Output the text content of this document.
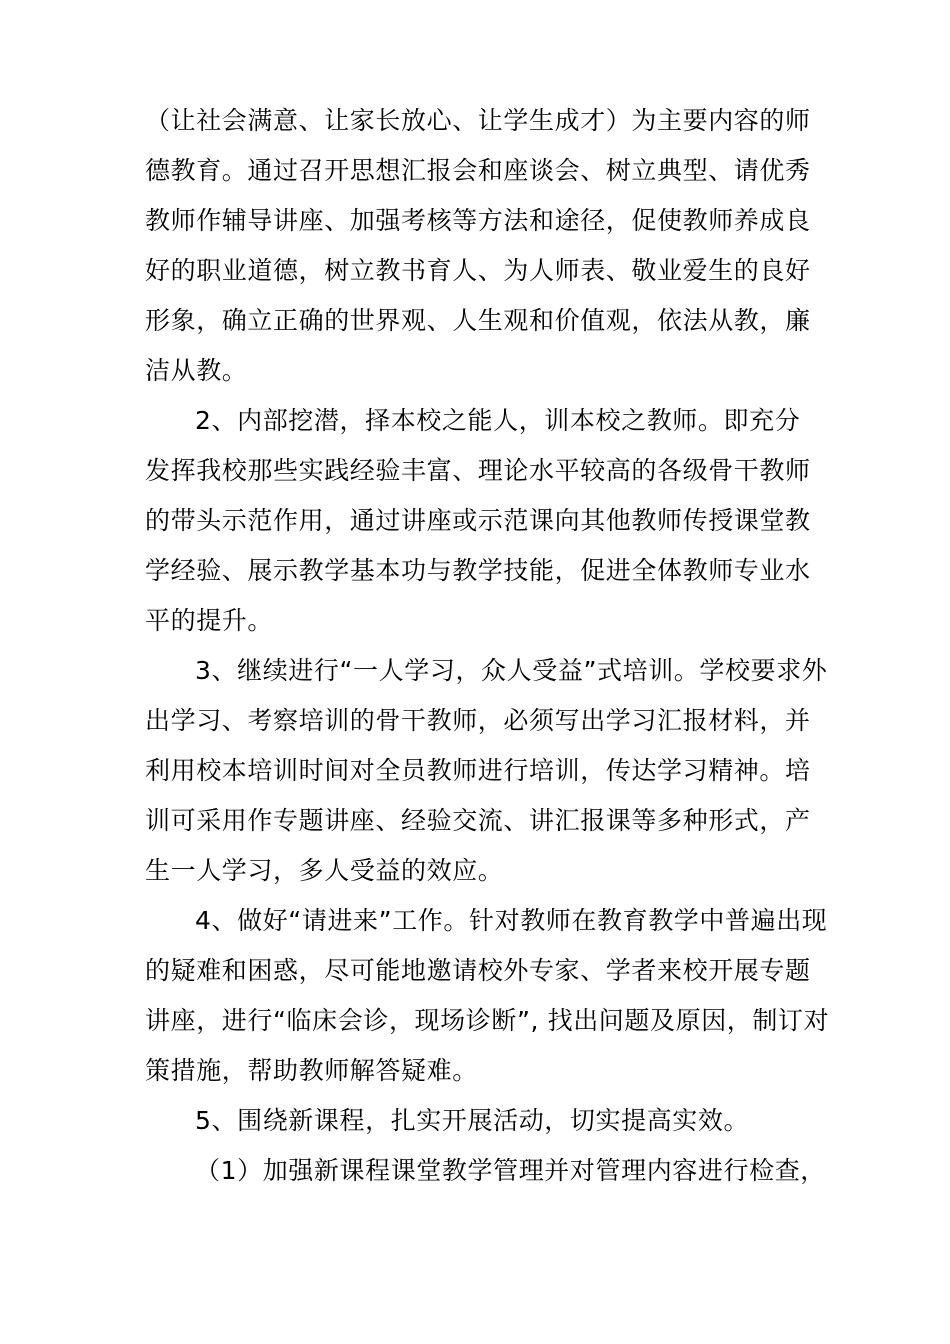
（让社会满意、让家长放心、让学生成才）为主要内容的师
德教育。通过召开思想汇报会和座谈会、树立典型、请优秀
教师作辅导讲座、加强考核等方法和途径，促使教师养成良
好的职业道德，树立教书育人、为人师表、敬业爱生的良好
形象，确立正确的世界观、人生观和价值观，依法从教，廉
洁从教。
2、内部挖潜，择本校之能人，训本校之教师。即充分
发挥我校那些实践经验丰富、理论水平较高的各级骨干教师
的带头示范作用，通过讲座或示范课向其他教师传授课堂教
学经验、展示教学基本功与教学技能，促进全体教师专业水
平的提升。
3、继续进行“一人学习，众人受益”式培训。学校要求外
出学习、考察培训的骨干教师，必须写出学习汇报材料，并
利用校本培训时间对全员教师进行培训，传达学习精神。培
训可采用作专题讲座、经验交流、讲汇报课等多种形式，产
生一人学习，多人受益的效应。
4、做好“请进来”工作。针对教师在教育教学中普遍出现
的疑难和困惑，尽可能地邀请校外专家、学者来校开展专题
讲座，进行“临床会诊，现场诊断”, 找出问题及原因，制订对
策措施，帮助教师解答疑难。
5、围绕新课程，扎实开展活动，切实提高实效。
（1）加强新课程课堂教学管理并对管理内容进行检查，
